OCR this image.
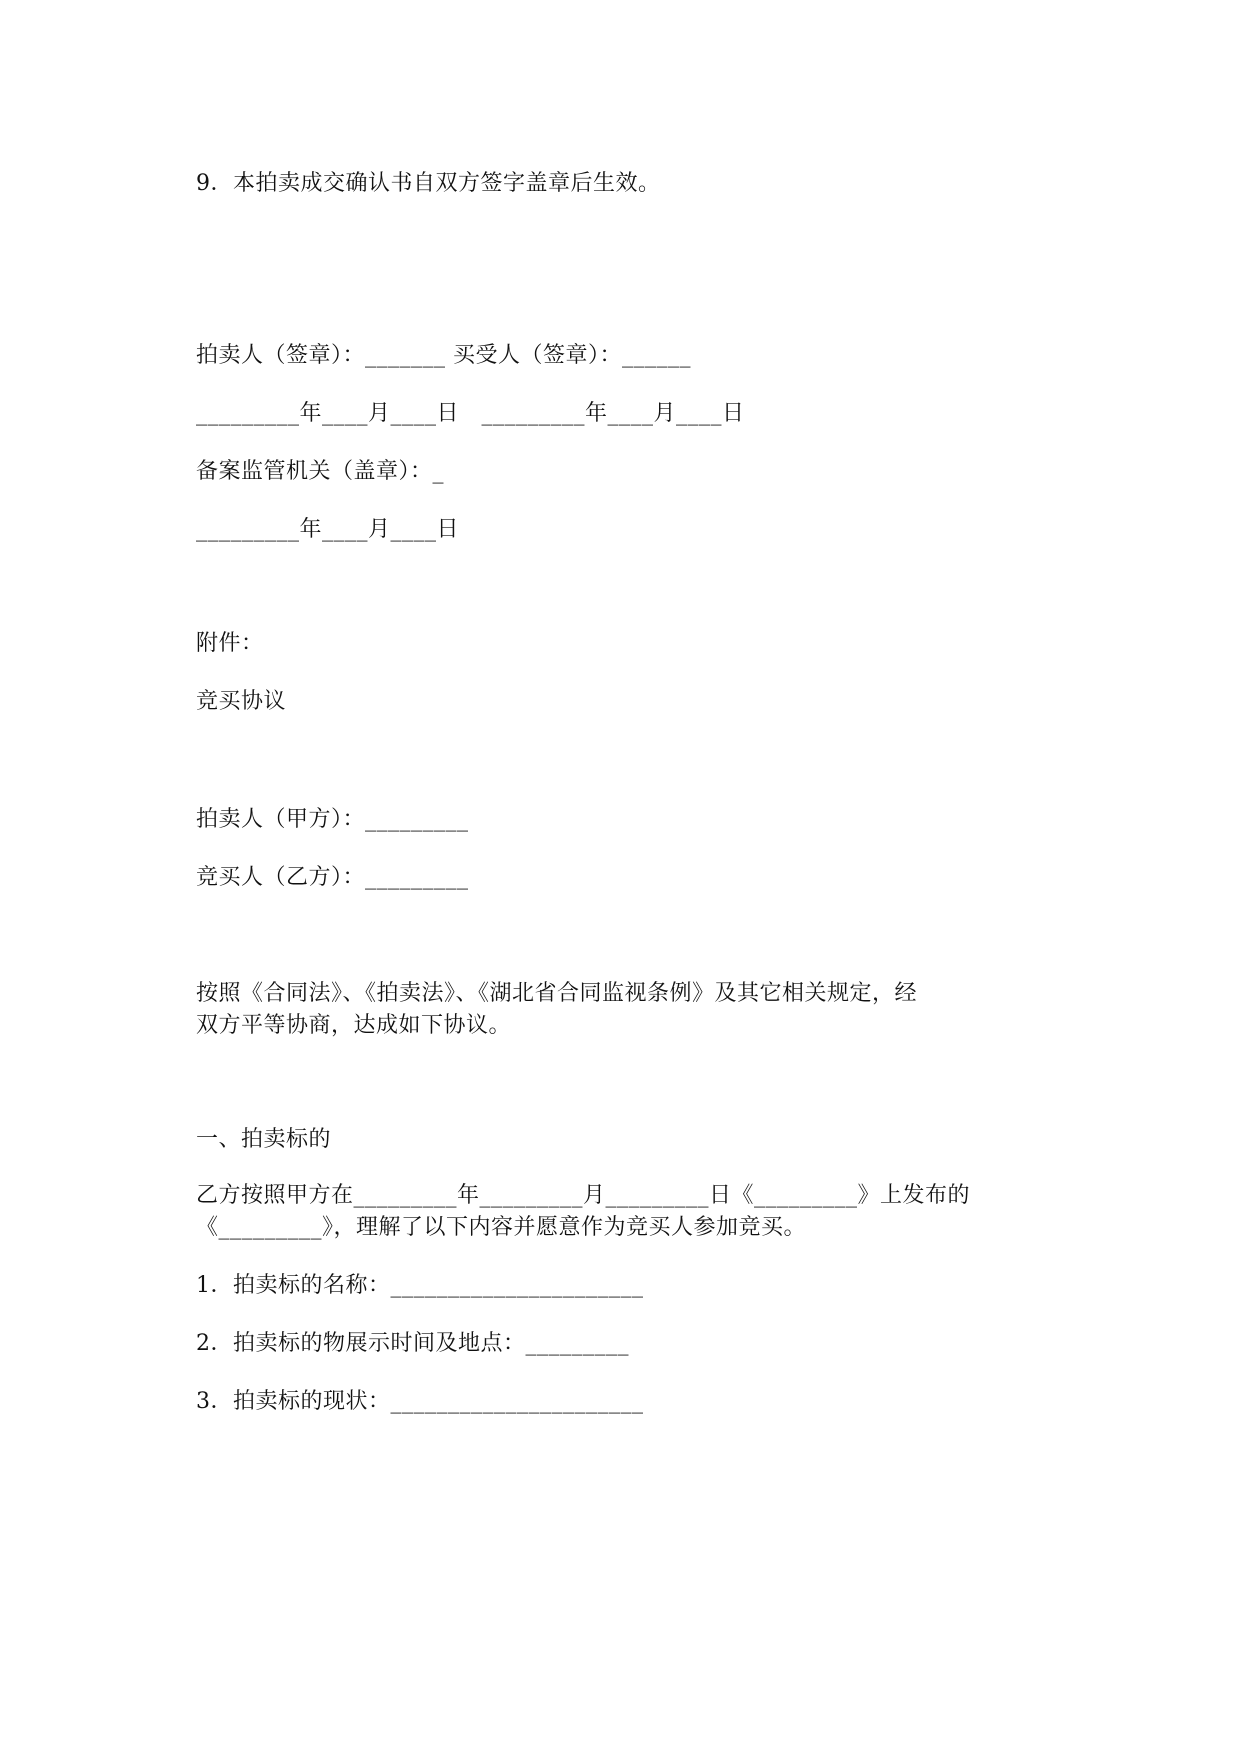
9．本拍卖成交确认书自双方签字盖章后生效。
拍卖人（签章）：_______ 买受人（签章）：______
_________年____月____日　_________年____月____日
备案监管机关（盖章）：_
_________年____月____日
附件：
竞买协议
拍卖人（甲方）：_________
竞买人（乙方）：_________
按照《合同法》、《拍卖法》、《湖北省合同监视条例》及其它相关规定，经
双方平等协商，达成如下协议。
一、拍卖标的
乙方按照甲方在_________年_________月_________日《_________》上发布的
《_________》，理解了以下内容并愿意作为竞买人参加竞买。
1．拍卖标的名称：______________________
2．拍卖标的物展示时间及地点：_________
3．拍卖标的现状：______________________
